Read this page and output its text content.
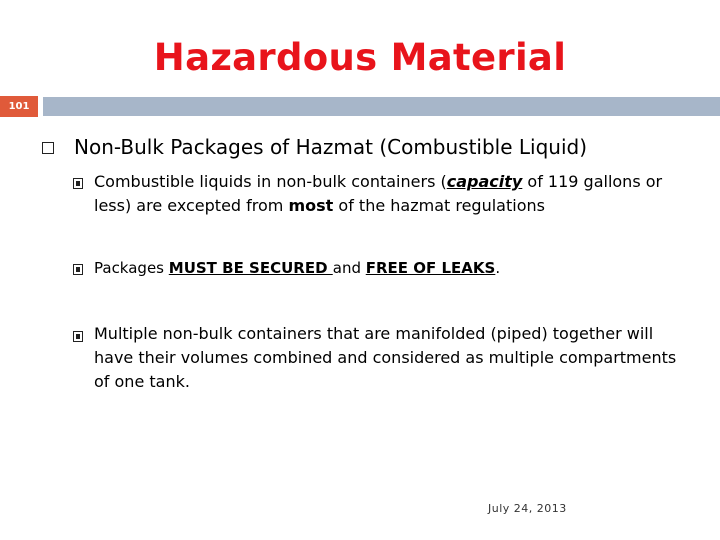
Hazardous Material
101
Non-Bulk Packages of Hazmat (Combustible Liquid)
Combustible liquids in non-bulk containers (capacity of 119 gallons or less) are excepted from most of the hazmat regulations
Packages MUST BE SECURED and FREE OF LEAKS.
Multiple non-bulk containers that are manifolded (piped) together will have their volumes combined and considered as multiple compartments of one tank.
July 24, 2013
